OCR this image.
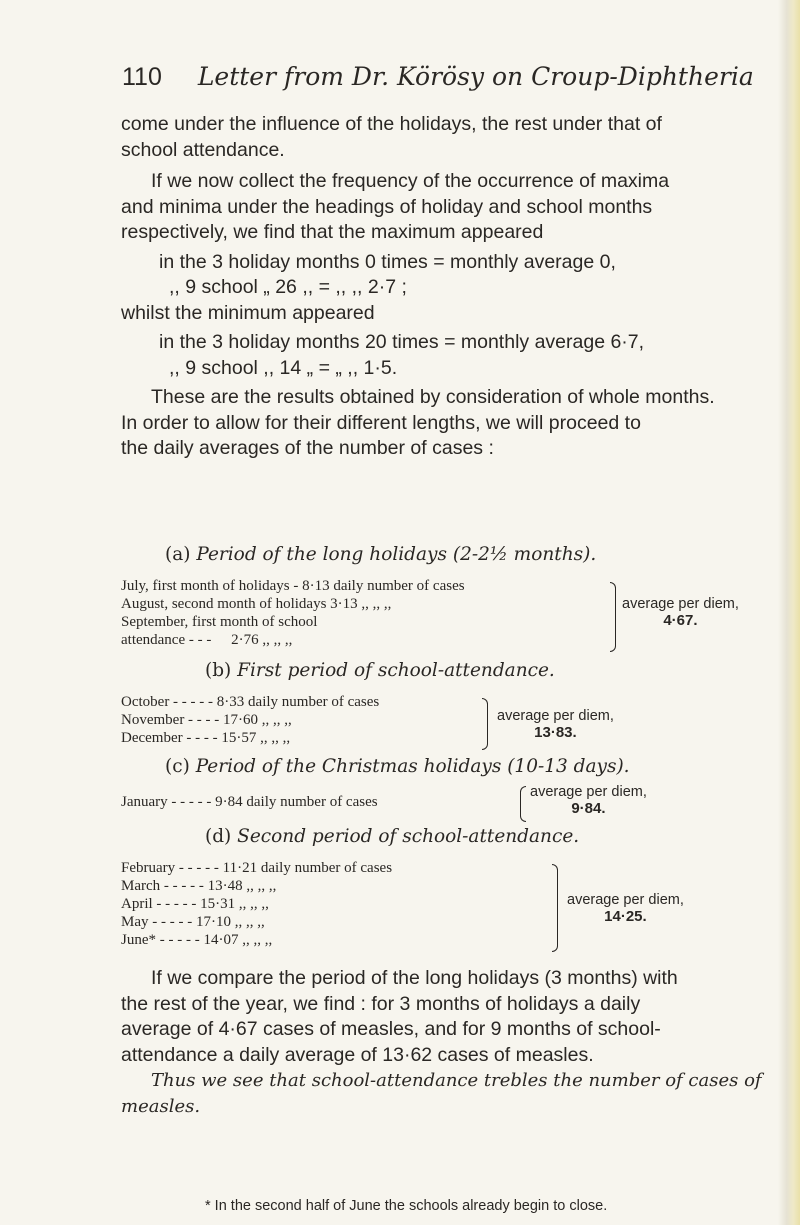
110 Letter from Dr. Körösy on Croup-Diphtheria
come under the influence of the holidays, the rest under that of
school attendance.
If we now collect the frequency of the occurrence of maxima
and minima under the headings of holiday and school months
respectively, we find that the maximum appeared
in the 3 holiday months 0 times = monthly average 0,
,, 9 school „ 26 ,, = ,, ,, 2·7 ;
whilst the minimum appeared
in the 3 holiday months 20 times = monthly average 6·7,
,, 9 school ,, 14 „ = „ ,, 1·5.
These are the results obtained by consideration of whole months.
In order to allow for their different lengths, we will proceed to
the daily averages of the number of cases :
(a) Period of the long holidays (2-2½ months).
July, first month of holidays - 8·13 daily number of cases
August, second month of holidays 3·13 ,, ,, ,,
September, first month of school
attendance - - - 2·76 ,, ,, ,,
average per diem,
4·67.
(b) First period of school-attendance.
October - - - - - 8·33 daily number of cases
November - - - - 17·60 ,, ,, ,,
December - - - - 15·57 ,, ,, ,,
average per diem,
13·83.
(c) Period of the Christmas holidays (10-13 days).
January - - - - - 9·84 daily number of cases
average per diem,
9·84.
(d) Second period of school-attendance.
February - - - - - 11·21 daily number of cases
March - - - - - 13·48 ,, ,, ,,
April - - - - - 15·31 ,, ,, ,,
May - - - - - 17·10 ,, ,, ,,
June* - - - - - 14·07 ,, ,, ,,
average per diem,
14·25.
If we compare the period of the long holidays (3 months) with
the rest of the year, we find : for 3 months of holidays a daily
average of 4·67 cases of measles, and for 9 months of school-
attendance a daily average of 13·62 cases of measles.
Thus we see that school-attendance trebles the number of cases of
measles.
* In the second half of June the schools already begin to close.
